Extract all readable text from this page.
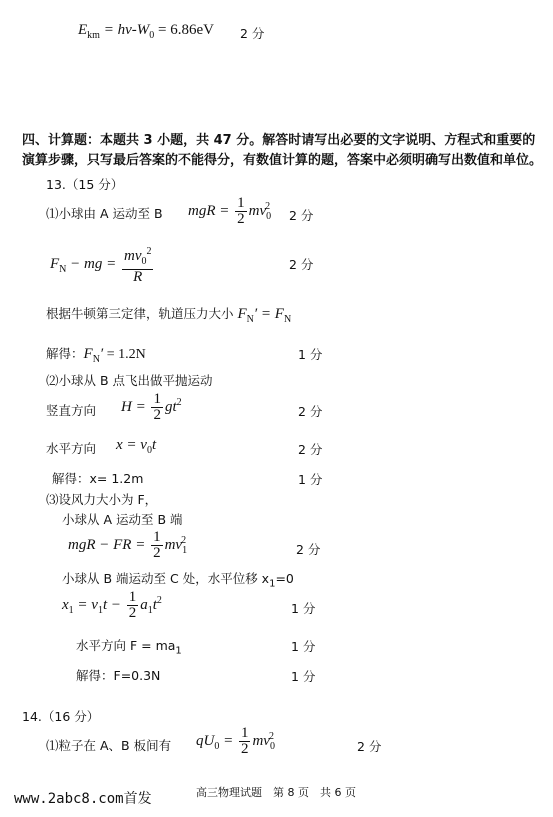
$E_{km} = h\nu-W_0 = 6.86eV$ 2 分
四、计算题：本题共 3 小题，共 47 分。解答时请写出必要的文字说明、方程式和重要的
演算步骤，只写最后答案的不能得分，有数值计算的题，答案中必须明确写出数值和单位。
13.（15 分）
⑴小球由 A 运动至 B mgR = $\frac{1}{2} mv_0^2$
2 分
$F_N$ − mg = $\frac{mv_0^2}{R}$	2 分
根据牛顿第三定律，轨道压力大小 $F_N' = F_N$
解得：$F_N' = 1.2N$	1 分
⑵小球从 B 点飞出做平抛运动
竖直方向 $H = \frac{1}{2} gt^2$
2 分
水平方向 $x = v_0t$	2 分
解得：x= 1.2m	1 分
⑶设风力大小为 F，
小球从 A 运动至 B 端
mgR − FR = $\frac{1}{2} mv_1^2$
2 分
小球从 B 端运动至 C 处，水平位移 $x_1=0$
$x_1 = v_1t - \frac{1}{2} a_1t^2$
1 分
水平方向 $F = ma_1$	1 分
解得：F=0.3N	1 分
14.（16 分）
⑴粒子在 A、B 板间有 $qU_0 = \frac{1}{2} mv_0^2$
2 分
www.2abc8.com首发	高三物理试题　第 8 页　共 6 页
